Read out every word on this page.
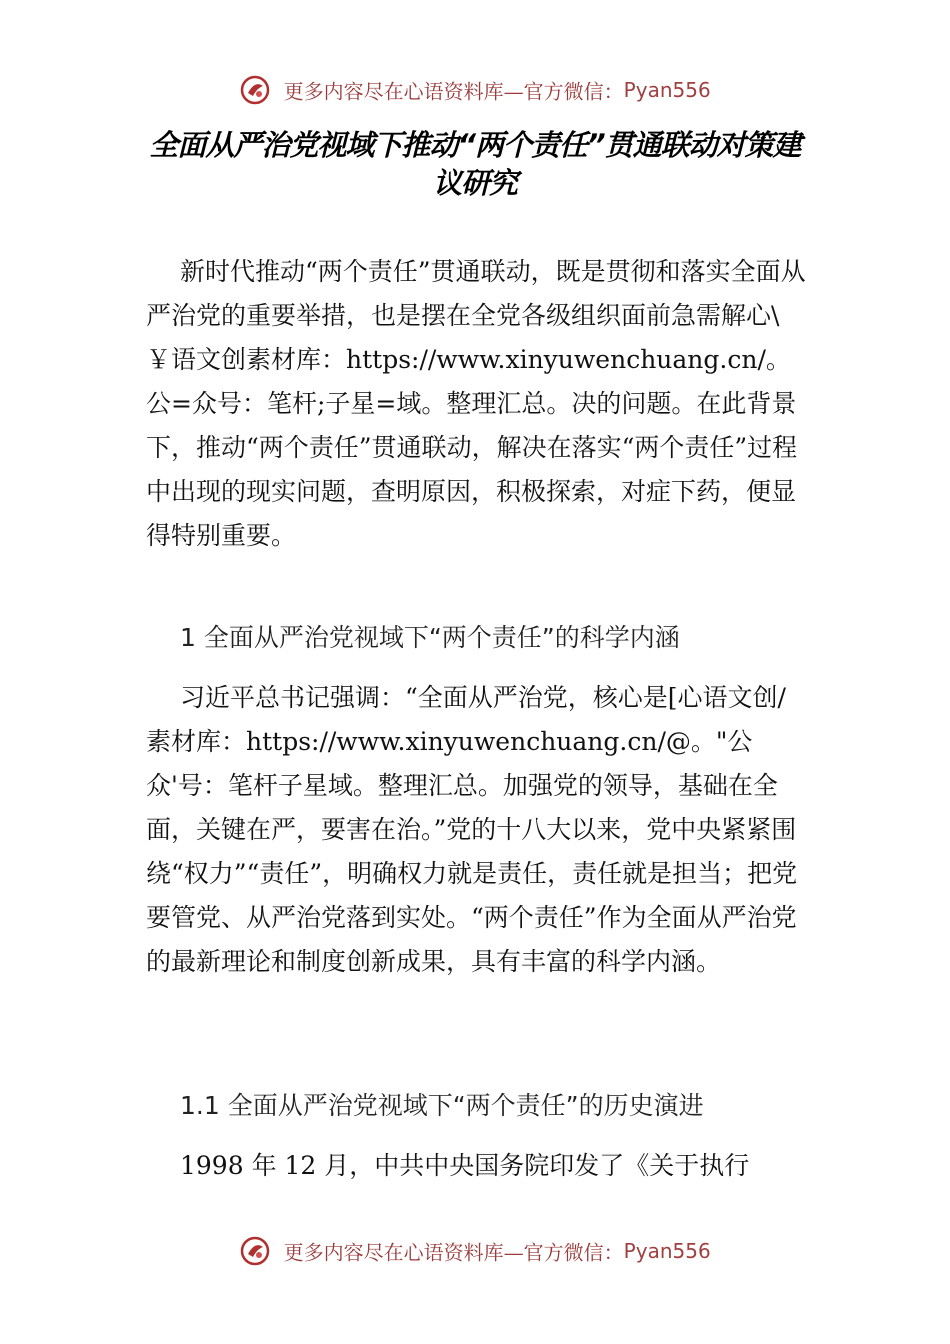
更多内容尽在心语资料库—官方微信：Pyan556
全面从严治党视域下推动“两个责任”贯通联动对策建议研究

新时代推动“两个责任”贯通联动，既是贯彻和落实全面从严治党的重要举措，也是摆在全党各级组织面前急需解心\￥语文创素材库：https://www.xinyuwenchuang.cn/。公=众号：笔杆;子星=域。整理汇总。决的问题。在此背景下，推动“两个责任”贯通联动，解决在落实“两个责任”过程中出现的现实问题，查明原因，积极探索，对症下药，便显得特别重要。

1 全面从严治党视域下“两个责任”的科学内涵

习近平总书记强调：“全面从严治党，核心是[心语文创/素材库：https://www.xinyuwenchuang.cn/@。"公众'号：笔杆子星域。整理汇总。加强党的领导，基础在全面，关键在严，要害在治。”党的十八大以来，党中央紧紧围绕“权力”“责任”，明确权力就是责任，责任就是担当；把党要管党、从严治党落到实处。“两个责任”作为全面从严治党的最新理论和制度创新成果，具有丰富的科学内涵。

1.1 全面从严治党视域下“两个责任”的历史演进

1998 年 12 月，中共中央国务院印发了《关于执行

更多内容尽在心语资料库—官方微信：Pyan556
